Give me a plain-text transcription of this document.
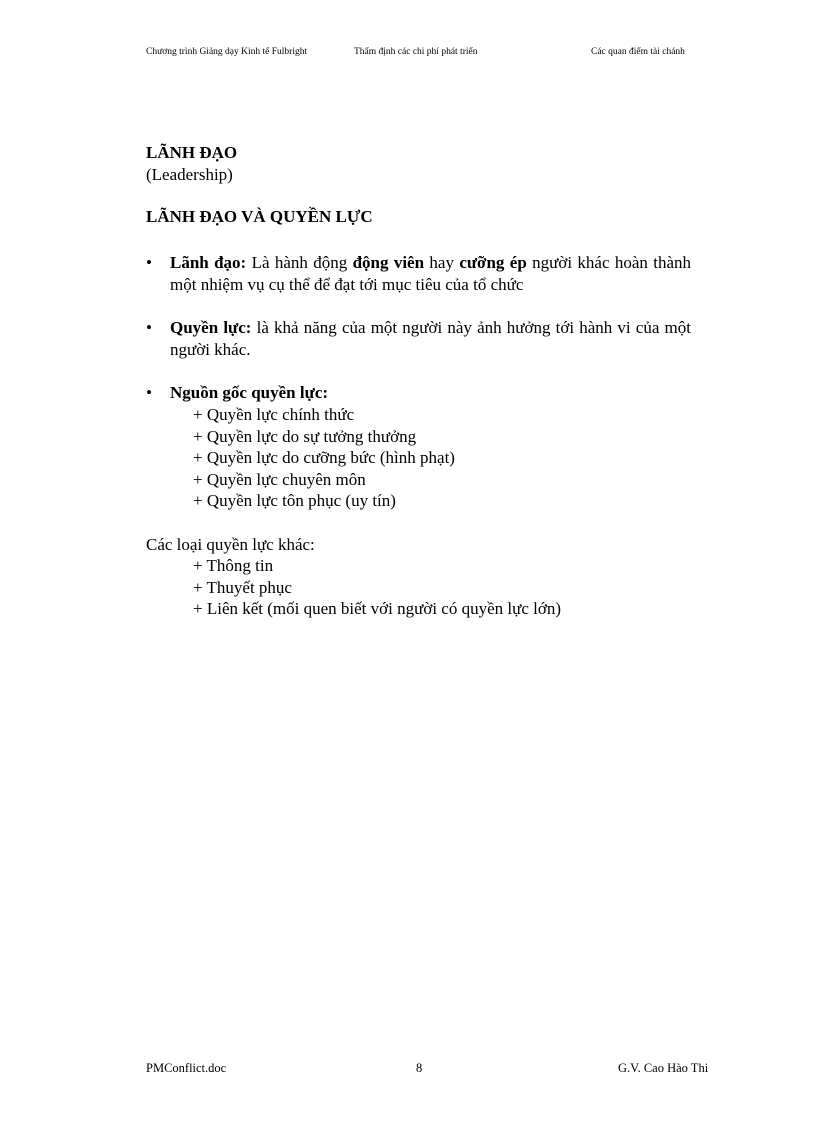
Chương trình Giảng dạy Kinh tế Fulbright	Thẩm định các chi phí phát triển	Các quan điểm tài chánh
LÃNH ĐẠO
(Leadership)
LÃNH ĐẠO VÀ QUYỀN LỰC
•	Lãnh đạo: Là hành động động viên hay cưỡng ép người khác hoàn thành một nhiệm vụ cụ thể để đạt tới mục tiêu của tổ chức
•	Quyền lực: là khả năng của một người này ảnh hưởng tới hành vi của một người khác.
•	Nguồn gốc quyền lực:
+ Quyền lực chính thức
+ Quyền lực do sự tưởng thưởng
+ Quyền lực do cưỡng bức (hình phạt)
+ Quyền lực chuyên môn
+ Quyền lực tôn phục (uy tín)
Các loại quyền lực khác:
+ Thông tin
+ Thuyết phục
+ Liên kết (mối quen biết với người có quyền lực lớn)
PMConflict.doc	8	G.V. Cao Hào Thi
